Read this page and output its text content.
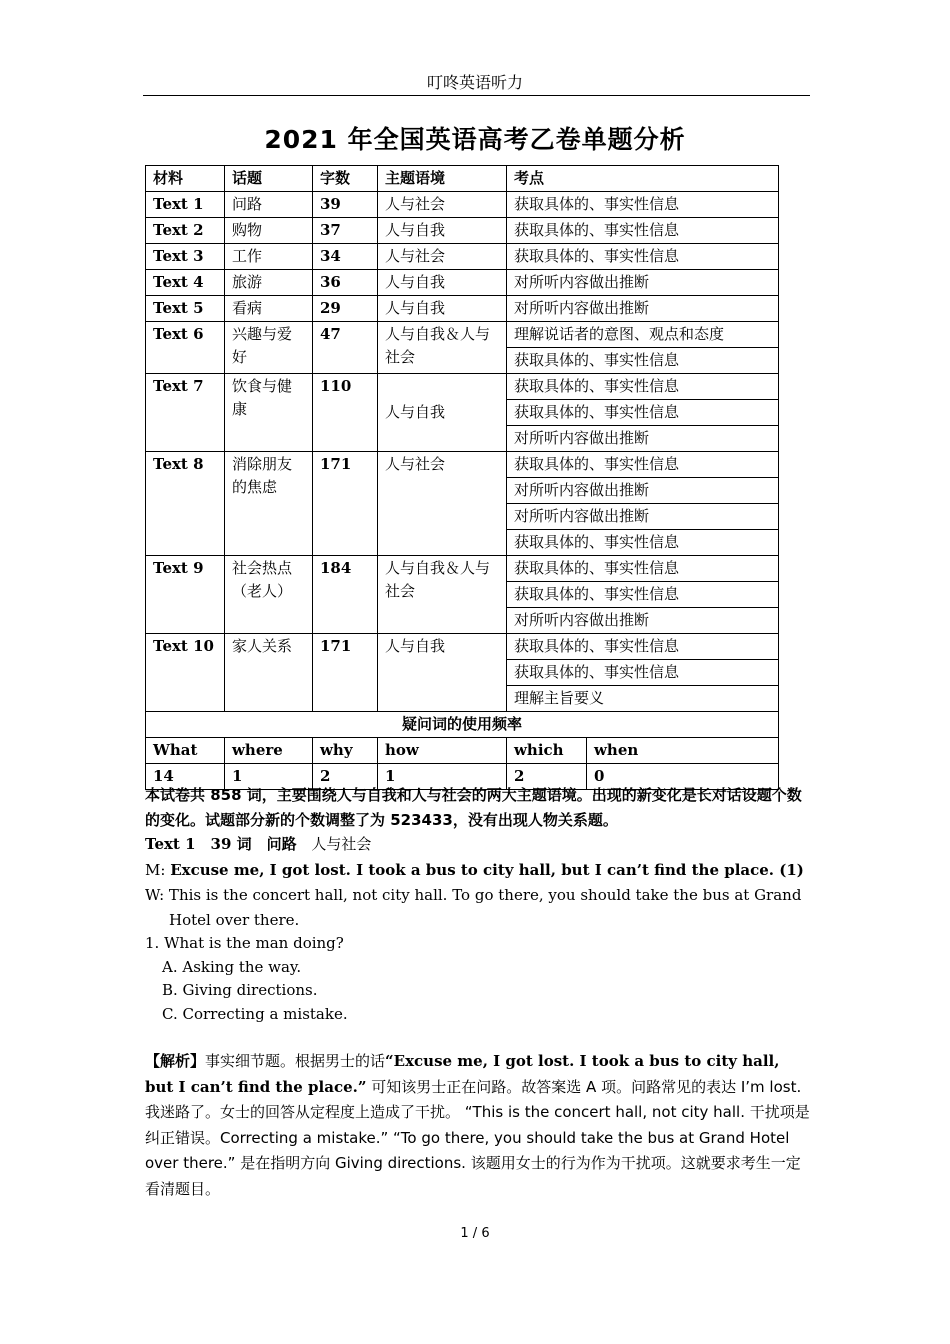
叮咚英语听力
2021 年全国英语高考乙卷单题分析
材料	话题	字数	主题语境	考点	
Text 1	问路	39	人与社会	获取具体的、事实性信息	
Text 2	购物	37	人与自我	获取具体的、事实性信息	
Text 3	工作	34	人与社会	获取具体的、事实性信息	
Text 4	旅游	36	人与自我	对所听内容做出推断	
Text 5	看病	29	人与自我	对所听内容做出推断	
Text 6	兴趣与爱好	47	人与自我＆人与社会	理解说话者的意图、观点和态度	
				获取具体的、事实性信息	
Text 7	饮食与健康	110	人与自我	获取具体的、事实性信息	
				获取具体的、事实性信息	
				对所听内容做出推断	
Text 8	消除朋友的焦虑	171	人与社会	获取具体的、事实性信息	
				对所听内容做出推断	
				对所听内容做出推断	
				获取具体的、事实性信息	
Text 9	社会热点（老人）	184	人与自我＆人与社会	获取具体的、事实性信息	
				获取具体的、事实性信息	
				对所听内容做出推断	
Text 10	家人关系	171	人与自我	获取具体的、事实性信息	
				获取具体的、事实性信息	
				理解主旨要义	
疑问词的使用频率					
What	where	why	how	which	when
14	1	2	1	2	0
本试卷共 858 词，主要围绕人与自我和人与社会的两大主题语境。出现的新变化是长对话设题个数的变化。试题部分新的个数调整了为 523433，没有出现人物关系题。
Text 1　39 词　问路 人与社会
M: Excuse me, I got lost. I took a bus to city hall, but I can’t find the place. (1)
W: This is the concert hall, not city hall. To go there, you should take the bus at Grand Hotel over there.
1. What is the man doing?
A. Asking the way.
B. Giving directions.
C. Correcting a mistake.
【解析】事实细节题。根据男士的话“Excuse me, I got lost. I took a bus to city hall, but I can’t find the place.” 可知该男士正在问路。故答案选 A 项。问路常见的表达 I’m lost. 我迷路了。女士的回答从定程度上造成了干扰。 “This is the concert hall, not city hall. 干扰项是纠正错误。Correcting a mistake.” “To go there, you should take the bus at Grand Hotel over there.” 是在指明方向 Giving directions. 该题用女士的行为作为干扰项。这就要求考生一定看清题目。
1 / 6
